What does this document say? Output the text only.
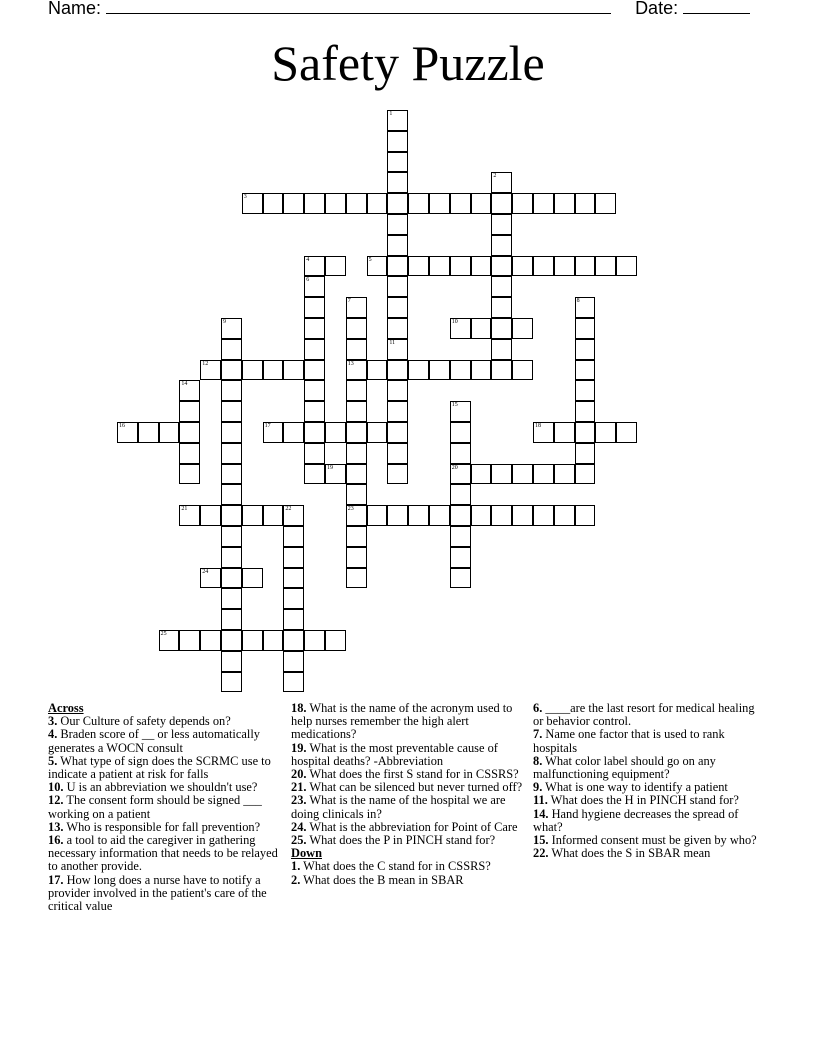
Name:	Date:
Safety Puzzle
1
2
3
4	5
6
7	8
9	10
11
12	13
14
15
16	17	18
19	20
21	22	23
24
25

Across

3. Our Culture of safety depends on?

4. Braden score of __ or less automatically generates a WOCN consult

5. What type of sign does the SCRMC use to indicate a patient at risk for falls

10. U is an abbreviation we shouldn't use?

12. The consent form should be signed ___ working on a patient

13. Who is responsible for fall prevention?

16. a tool to aid the caregiver in gathering necessary information that needs to be relayed to another provide.

17. How long does a nurse have to notify a provider involved in the patient's care of the critical value

18. What is the name of the acronym used to help nurses remember the high alert medications?

19. What is the most preventable cause of hospital deaths? -Abbreviation

20. What does the first S stand for in CSSRS?

21. What can be silenced but never turned off?

23. What is the name of the hospital we are doing clinicals in?

24. What is the abbreviation for Point of Care

25. What does the P in PINCH stand for?

Down

1. What does the C stand for in CSSRS?

2. What does the B mean in SBAR

6. ____are the last resort for medical healing or behavior control.

7. Name one factor that is used to rank hospitals

8. What color label should go on any malfunctioning equipment?

9. What is one way to identify a patient

11. What does the H in PINCH stand for?

14. Hand hygiene decreases the spread of what?

15. Informed consent must be given by who?

22. What does the S in SBAR mean
